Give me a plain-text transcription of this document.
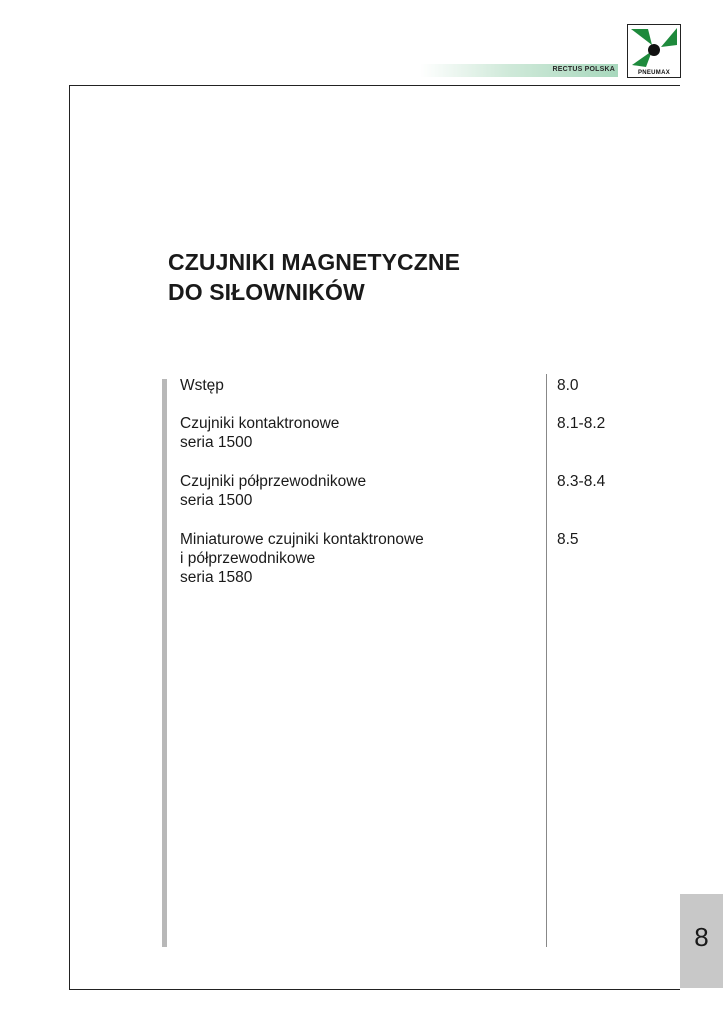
RECTUS POLSKA	PNEUMAX
CZUJNIKI MAGNETYCZNE
DO SIŁOWNIKÓW
Wstęp	8.0
Czujniki kontaktronowe
seria 1500
8.1-8.2
Czujniki półprzewodnikowe
seria 1500
8.3-8.4
Miniaturowe czujniki kontaktronowe
i półprzewodnikowe
seria 1580
8.5
8
